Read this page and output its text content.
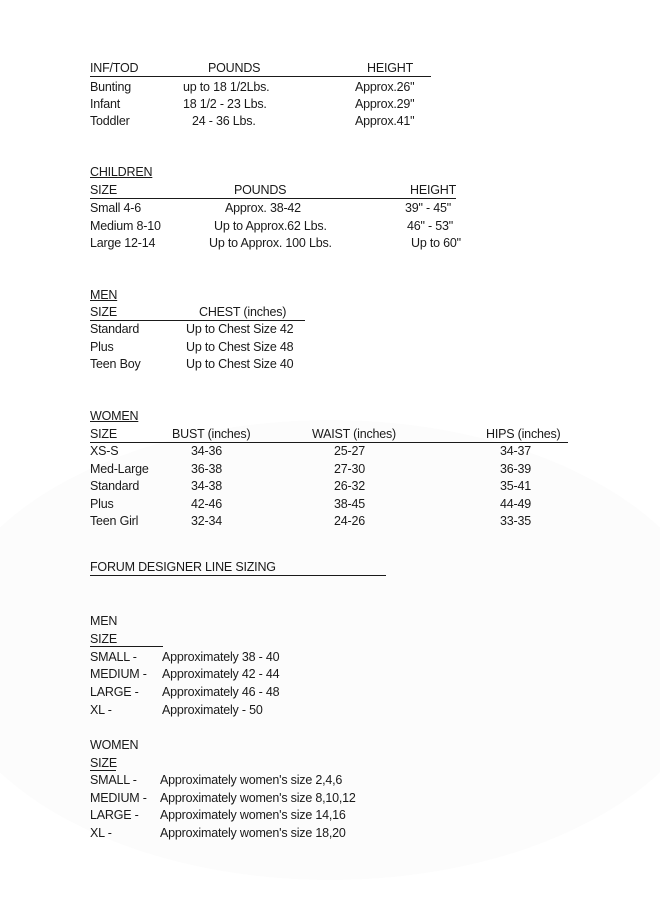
INF/TOD	POUNDS	HEIGHT
Bunting	up to 18 1/2Lbs.	Approx.26"
Infant	18 1/2 - 23 Lbs.	Approx.29"
Toddler	24 - 36 Lbs.	Approx.41"
CHILDREN
SIZE	POUNDS	HEIGHT
Small 4-6	Approx. 38-42	39" - 45"
Medium 8-10	Up to Approx.62 Lbs.	46" - 53"
Large 12-14	Up to Approx. 100 Lbs.	Up to 60"
MEN
SIZE	CHEST (inches)
Standard	Up to Chest Size 42
Plus	Up to Chest Size 48
Teen Boy	Up to Chest Size 40
WOMEN
SIZE	BUST (inches)	WAIST (inches)	HIPS (inches)
XS-S	34-36	25-27	34-37
Med-Large	36-38	27-30	36-39
Standard	34-38	26-32	35-41
Plus	42-46	38-45	44-49
Teen Girl	32-34	24-26	33-35
FORUM DESIGNER LINE SIZING
MEN
SIZE
SMALL - Approximately 38 - 40
MEDIUM - Approximately 42 - 44
LARGE - Approximately 46 - 48
XL -	Approximately - 50
WOMEN
SIZE
SMALL - Approximately women's size 2,4,6
MEDIUM - Approximately women's size 8,10,12
LARGE - Approximately women's size 14,16
XL -	Approximately women's size 18,20
